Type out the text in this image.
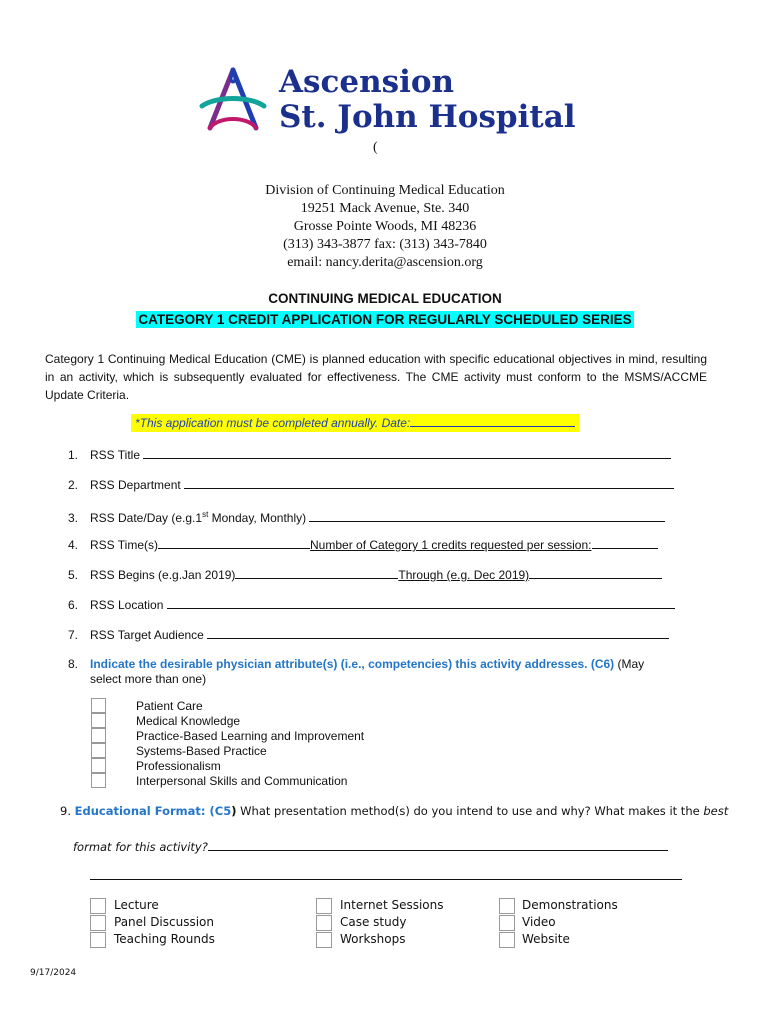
Ascension
St. John Hospital
(
Division of Continuing Medical Education
19251 Mack Avenue, Ste. 340
Grosse Pointe Woods, MI 48236
(313) 343-3877 fax: (313) 343-7840
email: nancy.derita@ascension.org
CONTINUING MEDICAL EDUCATION
CATEGORY 1 CREDIT APPLICATION FOR REGULARLY SCHEDULED SERIES
Category 1 Continuing Medical Education (CME) is planned education with specific educational objectives in mind, resulting in an activity, which is subsequently evaluated for effectiveness. The CME activity must conform to the MSMS/ACCME Update Criteria.
*This application must be completed annually. Date:
1. RSS Title
2. RSS Department
3. RSS Date/Day (e.g.1st Monday, Monthly)
4. RSS Time(s)	Number of Category 1 credits requested per session:
5. RSS Begins (e.g.Jan 2019)	Through (e.g. Dec 2019)
6. RSS Location
7. RSS Target Audience
8. Indicate the desirable physician attribute(s) (i.e., competencies) this activity addresses. (C6) (May
select more than one)
Patient Care
Medical Knowledge
Practice-Based Learning and Improvement
Systems-Based Practice
Professionalism
Interpersonal Skills and Communication
9. Educational Format: (C5) What presentation method(s) do you intend to use and why? What makes it the best
format for this activity?
Lecture
Panel Discussion
Teaching Rounds
Internet Sessions
Case study
Workshops
Demonstrations
Video
Website
9/17/2024
